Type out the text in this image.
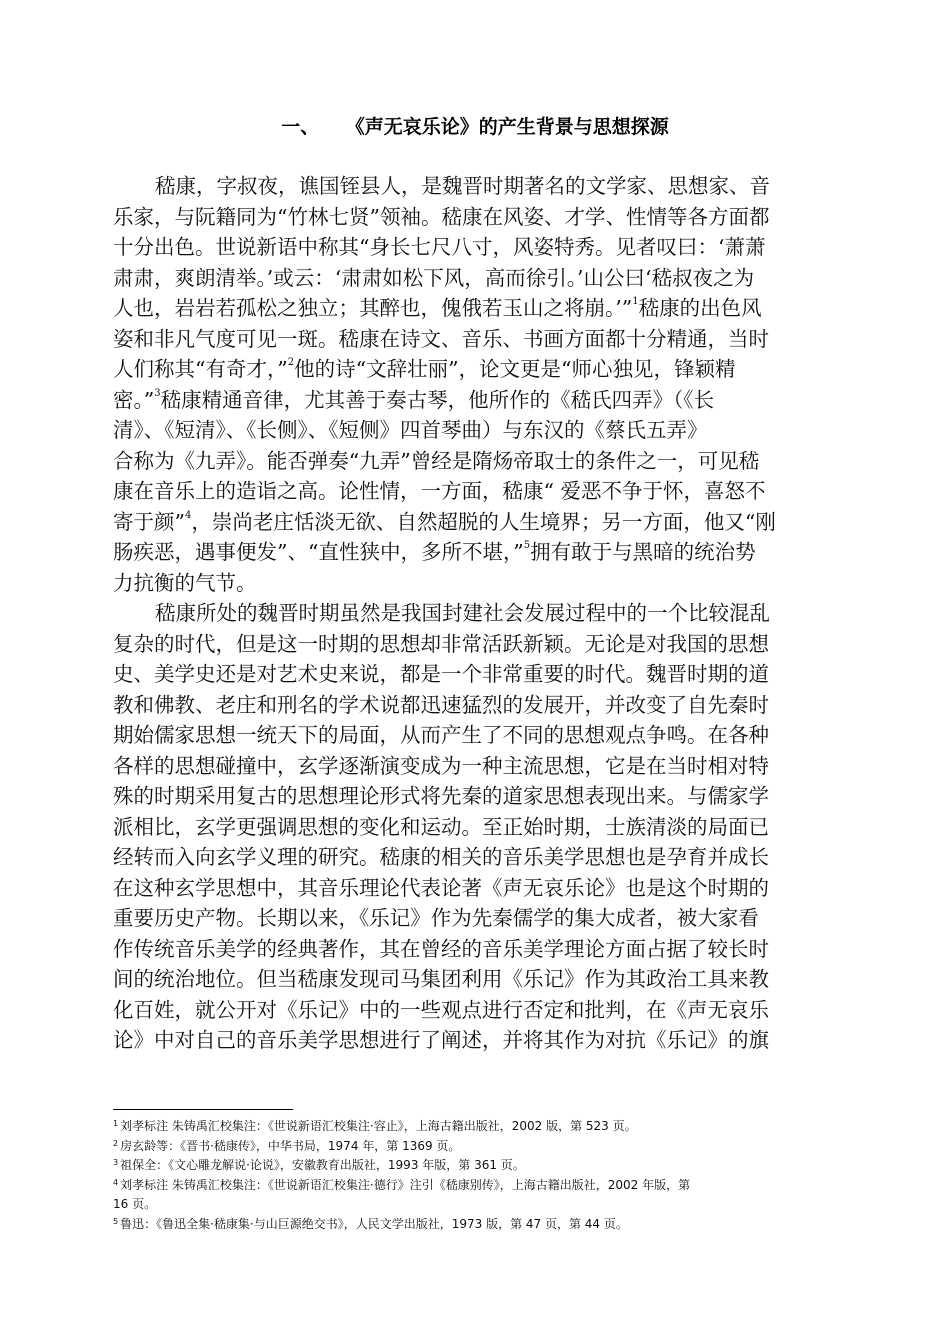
一、 《声无哀乐论》的产生背景与思想探源
嵇康，字叔夜，谯国铚县人，是魏晋时期著名的文学家、思想家、音
乐家，与阮籍同为“竹林七贤”领袖。嵇康在风姿、才学、性情等各方面都
十分出色。世说新语中称其“身长七尺八寸，风姿特秀。见者叹曰：‘萧萧
肃肃，爽朗清举。’或云：‘肃肃如松下风，高而徐引。’山公曰‘嵇叔夜之为
人也，岩岩若孤松之独立；其醉也，傀俄若玉山之将崩。’”$^1$嵇康的出色风
姿和非凡气度可见一斑。嵇康在诗文、音乐、书画方面都十分精通，当时
人们称其“有奇才，”$^2$他的诗“文辞壮丽”，论文更是“师心独见，锋颖精
密。”$^3$嵇康精通音律，尤其善于奏古琴，他所作的《嵇氏四弄》（《长
清》、《短清》、《长侧》、《短侧》四首琴曲）与东汉的《蔡氏五弄》
合称为《九弄》。能否弹奏“九弄”曾经是隋炀帝取士的条件之一，可见嵇
康在音乐上的造诣之高。论性情，一方面，嵇康“ 爱恶不争于怀，喜怒不
寄于颜”$^4$，崇尚老庄恬淡无欲、自然超脱的人生境界；另一方面，他又“刚
肠疾恶，遇事便发”、“直性狭中，多所不堪，”$^5$拥有敢于与黑暗的统治势
力抗衡的气节。
嵇康所处的魏晋时期虽然是我国封建社会发展过程中的一个比较混乱
复杂的时代，但是这一时期的思想却非常活跃新颖。无论是对我国的思想
史、美学史还是对艺术史来说，都是一个非常重要的时代。魏晋时期的道
教和佛教、老庄和刑名的学术说都迅速猛烈的发展开，并改变了自先秦时
期始儒家思想一统天下的局面，从而产生了不同的思想观点争鸣。在各种
各样的思想碰撞中，玄学逐渐演变成为一种主流思想，它是在当时相对特
殊的时期采用复古的思想理论形式将先秦的道家思想表现出来。与儒家学
派相比，玄学更强调思想的变化和运动。至正始时期，士族清淡的局面已
经转而入向玄学义理的研究。嵇康的相关的音乐美学思想也是孕育并成长
在这种玄学思想中，其音乐理论代表论著《声无哀乐论》也是这个时期的
重要历史产物。长期以来，《乐记》作为先秦儒学的集大成者，被大家看
作传统音乐美学的经典著作，其在曾经的音乐美学理论方面占据了较长时
间的统治地位。但当嵇康发现司马集团利用《乐记》作为其政治工具来教
化百姓，就公开对《乐记》中的一些观点进行否定和批判，在《声无哀乐
论》中对自己的音乐美学思想进行了阐述，并将其作为对抗《乐记》的旗
$^1$ 刘孝标注 朱铸禹汇校集注：《世说新语汇校集注·容止》，上海古籍出版社，2002 版，第 523 页。
$^2$ 房玄龄等：《晋书·嵇康传》，中华书局，1974 年，第 1369 页。
$^3$ 祖保全：《文心雕龙解说·论说》，安徽教育出版社，1993 年版，第 361 页。
$^4$ 刘孝标注 朱铸禹汇校集注：《世说新语汇校集注·德行》注引《嵇康别传》，上海古籍出版社，2002 年版，第
16 页。
$^5$ 鲁迅：《鲁迅全集·嵇康集·与山巨源绝交书》，人民文学出版社，1973 版，第 47 页，第 44 页。
